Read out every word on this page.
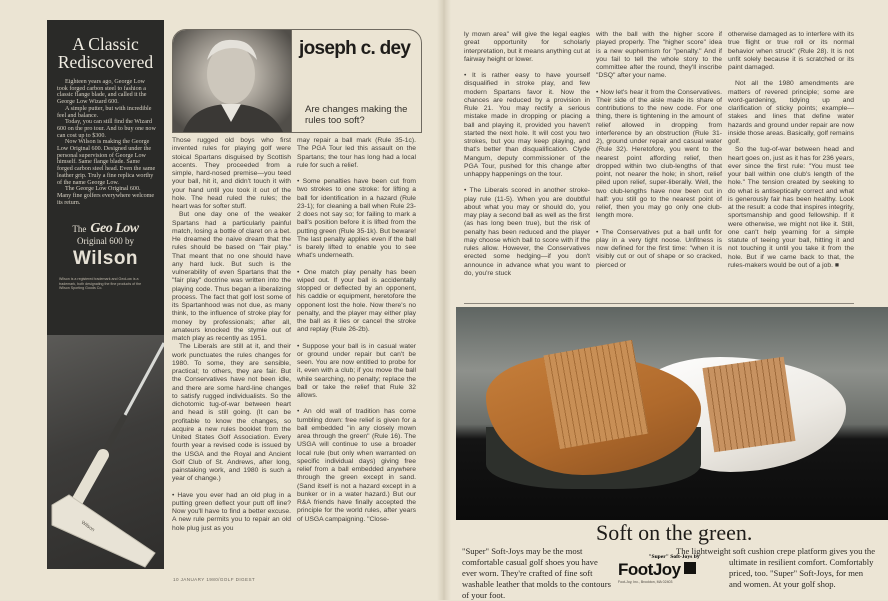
A Classic
Rediscovered

Eighteen years ago, George Low took forged carbon steel to fashion a classic flange blade, and called it the George Low Wizard 600.

A simple putter, but with incredible feel and balance.

Today, you can still find the Wizard 600 on the pro tour. And to buy one now can cost up to $300.

Now Wilson is making the George Low Original 600. Designed under the personal supervision of George Low himself. Same flange blade. Same forged carbon steel head. Even the same leather grip. Truly a fine replica worthy of the name George Low.

The George Low Original 600. Many fine golfers everywhere welcome its return.

The Geo Low
Original 600 by
Wilson
Wilson is a registered trademark and GeoLow is a trademark, both designating the fine products of the Wilson Sporting Goods Co.
Wilson
joseph c. dey
Are changes making the rules too soft?

Those rugged old boys who first invented rules for playing golf were stoical Spartans disguised by Scottish accents. They proceeded from a simple, hard-nosed premise—you teed your ball, hit it, and didn't touch it with your hand until you took it out of the hole. The head ruled the rules; the heart was for softer stuff.

But one day one of the weaker Spartans had a particularly painful match, losing a bottle of claret on a bet. He dreamed the naive dream that the rules should be based on "fair play." That meant that no one should have any hard luck. But such is the vulnerability of even Spartans that the "fair play" doctrine was written into the playing code. Thus began a liberalizing process. The fact that golf lost some of its Spartanhood was not due, as many think, to the influence of stroke play for money by professionals; after all, amateurs knocked the stymie out of match play as recently as 1951.

The Liberals are still at it, and their work punctuates the rules changes for 1980. To some, they are sensible, practical; to others, they are fair. But the Conservatives have not been idle, and there are some hard-line changes to satisfy rugged individualists. So the dichotomic tug-of-war between heart and head is still going. (It can be profitable to know the changes, so acquire a new rules booklet from the United States Golf Association. Every fourth year a revised code is issued by the USGA and the Royal and Ancient Golf Club of St. Andrews, after long, painstaking work, and 1980 is such a year of change.)

• Have you ever had an old plug in a putting green deflect your putt off line? Now you'll have to find a better excuse. A new rule permits you to repair an old hole plug just as you

may repair a ball mark (Rule 35-1c). The PGA Tour led this assault on the Spartans; the tour has long had a local rule for such a relief.

• Some penalties have been cut from two strokes to one stroke: for lifting a ball for identification in a hazard (Rule 23-1); for cleaning a ball when Rule 23-2 does not say so; for failing to mark a ball's position before it is lifted from the putting green (Rule 35-1k). But beware! The last penalty applies even if the ball is barely lifted to enable you to see what's underneath.

• One match play penalty has been wiped out. If your ball is accidentally stopped or deflected by an opponent, his caddie or equipment, heretofore the opponent lost the hole. Now there's no penalty, and the player may either play the ball as it lies or cancel the stroke and replay (Rule 26-2b).

• Suppose your ball is in casual water or ground under repair but can't be seen. You are now entitled to probe for it, even with a club; if you move the ball while searching, no penalty; replace the ball or take the relief that Rule 32 allows.

• An old wall of tradition has come tumbling down: free relief is given for a ball embedded "in any closely mown area through the green" (Rule 16). The USGA will continue to use a broader local rule (but only when warranted on specific individual days) giving free relief from a ball embedded anywhere through the green except in sand. (Sand itself is not a hazard except in a bunker or in a water hazard.) But our R&A friends have finally accepted the principle for the world rules, after years of USGA campaigning. "Close-

10 JANUARY 1980/GOLF DIGEST

ly mown area" will give the legal eagles great opportunity for scholarly interpretation, but it means anything cut at fairway height or lower.

• It is rather easy to have yourself disqualified in stroke play, and few modern Spartans favor it. Now the chances are reduced by a provision in Rule 21. You may rectify a serious mistake made in dropping or placing a ball and playing it, provided you haven't started the next hole. It will cost you two strokes, but you may keep playing, and that's better than disqualification. Clyde Mangum, deputy commissioner of the PGA Tour, pushed for this change after unhappy happenings on the tour.

• The Liberals scored in another stroke-play rule (11-5). When you are doubtful about what you may or should do, you may play a second ball as well as the first (as has long been true), but the risk of penalty has been reduced and the player may choose which ball to score with if the rules allow. However, the Conservatives erected some hedging—if you don't announce in advance what you want to do, you're stuck

with the ball with the higher score if played properly. The "higher score" idea is a new euphemism for "penalty." And if you fail to tell the whole story to the committee after the round, they'll inscribe "DSQ" after your name.

• Now let's hear it from the Conservatives. Their side of the aisle made its share of contributions to the new code. For one thing, there is tightening in the amount of relief allowed in dropping from interference by an obstruction (Rule 31-2), ground under repair and casual water (Rule 32). Heretofore, you went to the nearest point affording relief, then dropped within two club-lengths of that point, not nearer the hole; in short, relief piled upon relief, super-liberally. Well, the two club-lengths have now been cut in half: you still go to the nearest point of relief, then you may go only one club-length more.

• The Conservatives put a ball unfit for play in a very tight noose. Unfitness is now defined for the first time: "when it is visibly cut or out of shape or so cracked, pierced or

otherwise damaged as to interfere with its true flight or true roll or its normal behavior when struck" (Rule 28). It is not unfit solely because it is scratched or its paint damaged.

Not all the 1980 amendments are matters of revered principle; some are word-gardening, tidying up and clarification of sticky points; example—stakes and lines that define water hazards and ground under repair are now inside those areas. Basically, golf remains golf.

So the tug-of-war between head and heart goes on, just as it has for 236 years, ever since the first rule: "You must tee your ball within one club's length of the hole." The tension created by seeking to do what is antiseptically correct and what is generously fair has been healthy. Look at the result: a code that inspires integrity, sportsmanship and good fellowship. If it were otherwise, we might not like it. Still, one can't help yearning for a simple statute of teeing your ball, hitting it and not touching it until you take it from the hole. But if we came back to that, the rules-makers would be out of a job. ■

Soft on the green.
"Super" Soft-Joys may be the most comfortable casual golf shoes you have ever worn. They're crafted of fine soft washable leather that molds to the contours of your foot.
The lightweight soft cushion crepe platform gives you the ultimate in resilient comfort. Comfortably priced, too. "Super" Soft-Joys, for men and women. At your golf shop.
"Super" Soft-Joys by
FootJoy
Foot-Joy, Inc., Brockton, MA 02403
